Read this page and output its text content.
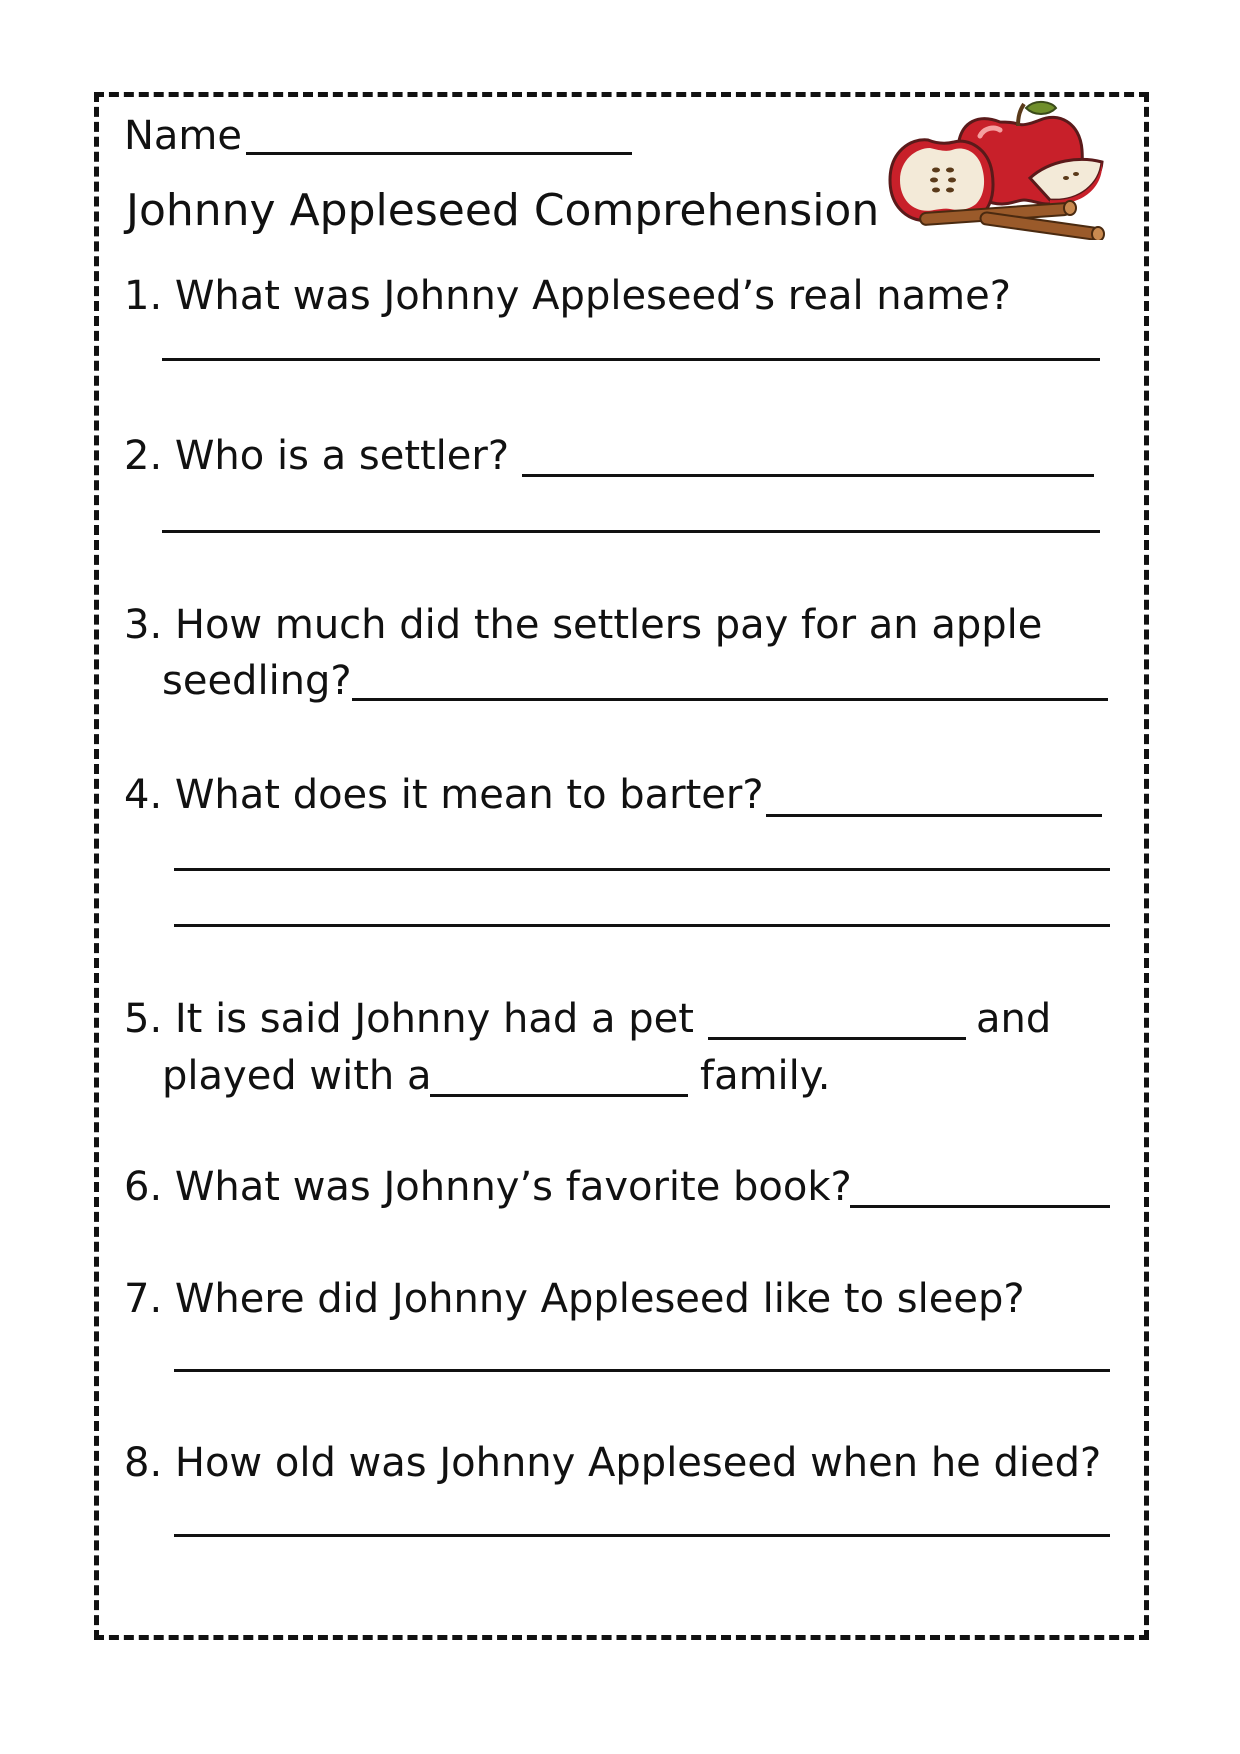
Name
Johnny Appleseed Comprehension
1. What was Johnny Appleseed’s real name?
2. Who is a settler?
3. How much did the settlers pay for an apple
seedling?
4. What does it mean to barter?
5. It is said Johnny had a pet	and
played with a	family.
6. What was Johnny’s favorite book?
7. Where did Johnny Appleseed like to sleep?
8. How old was Johnny Appleseed when he died?
